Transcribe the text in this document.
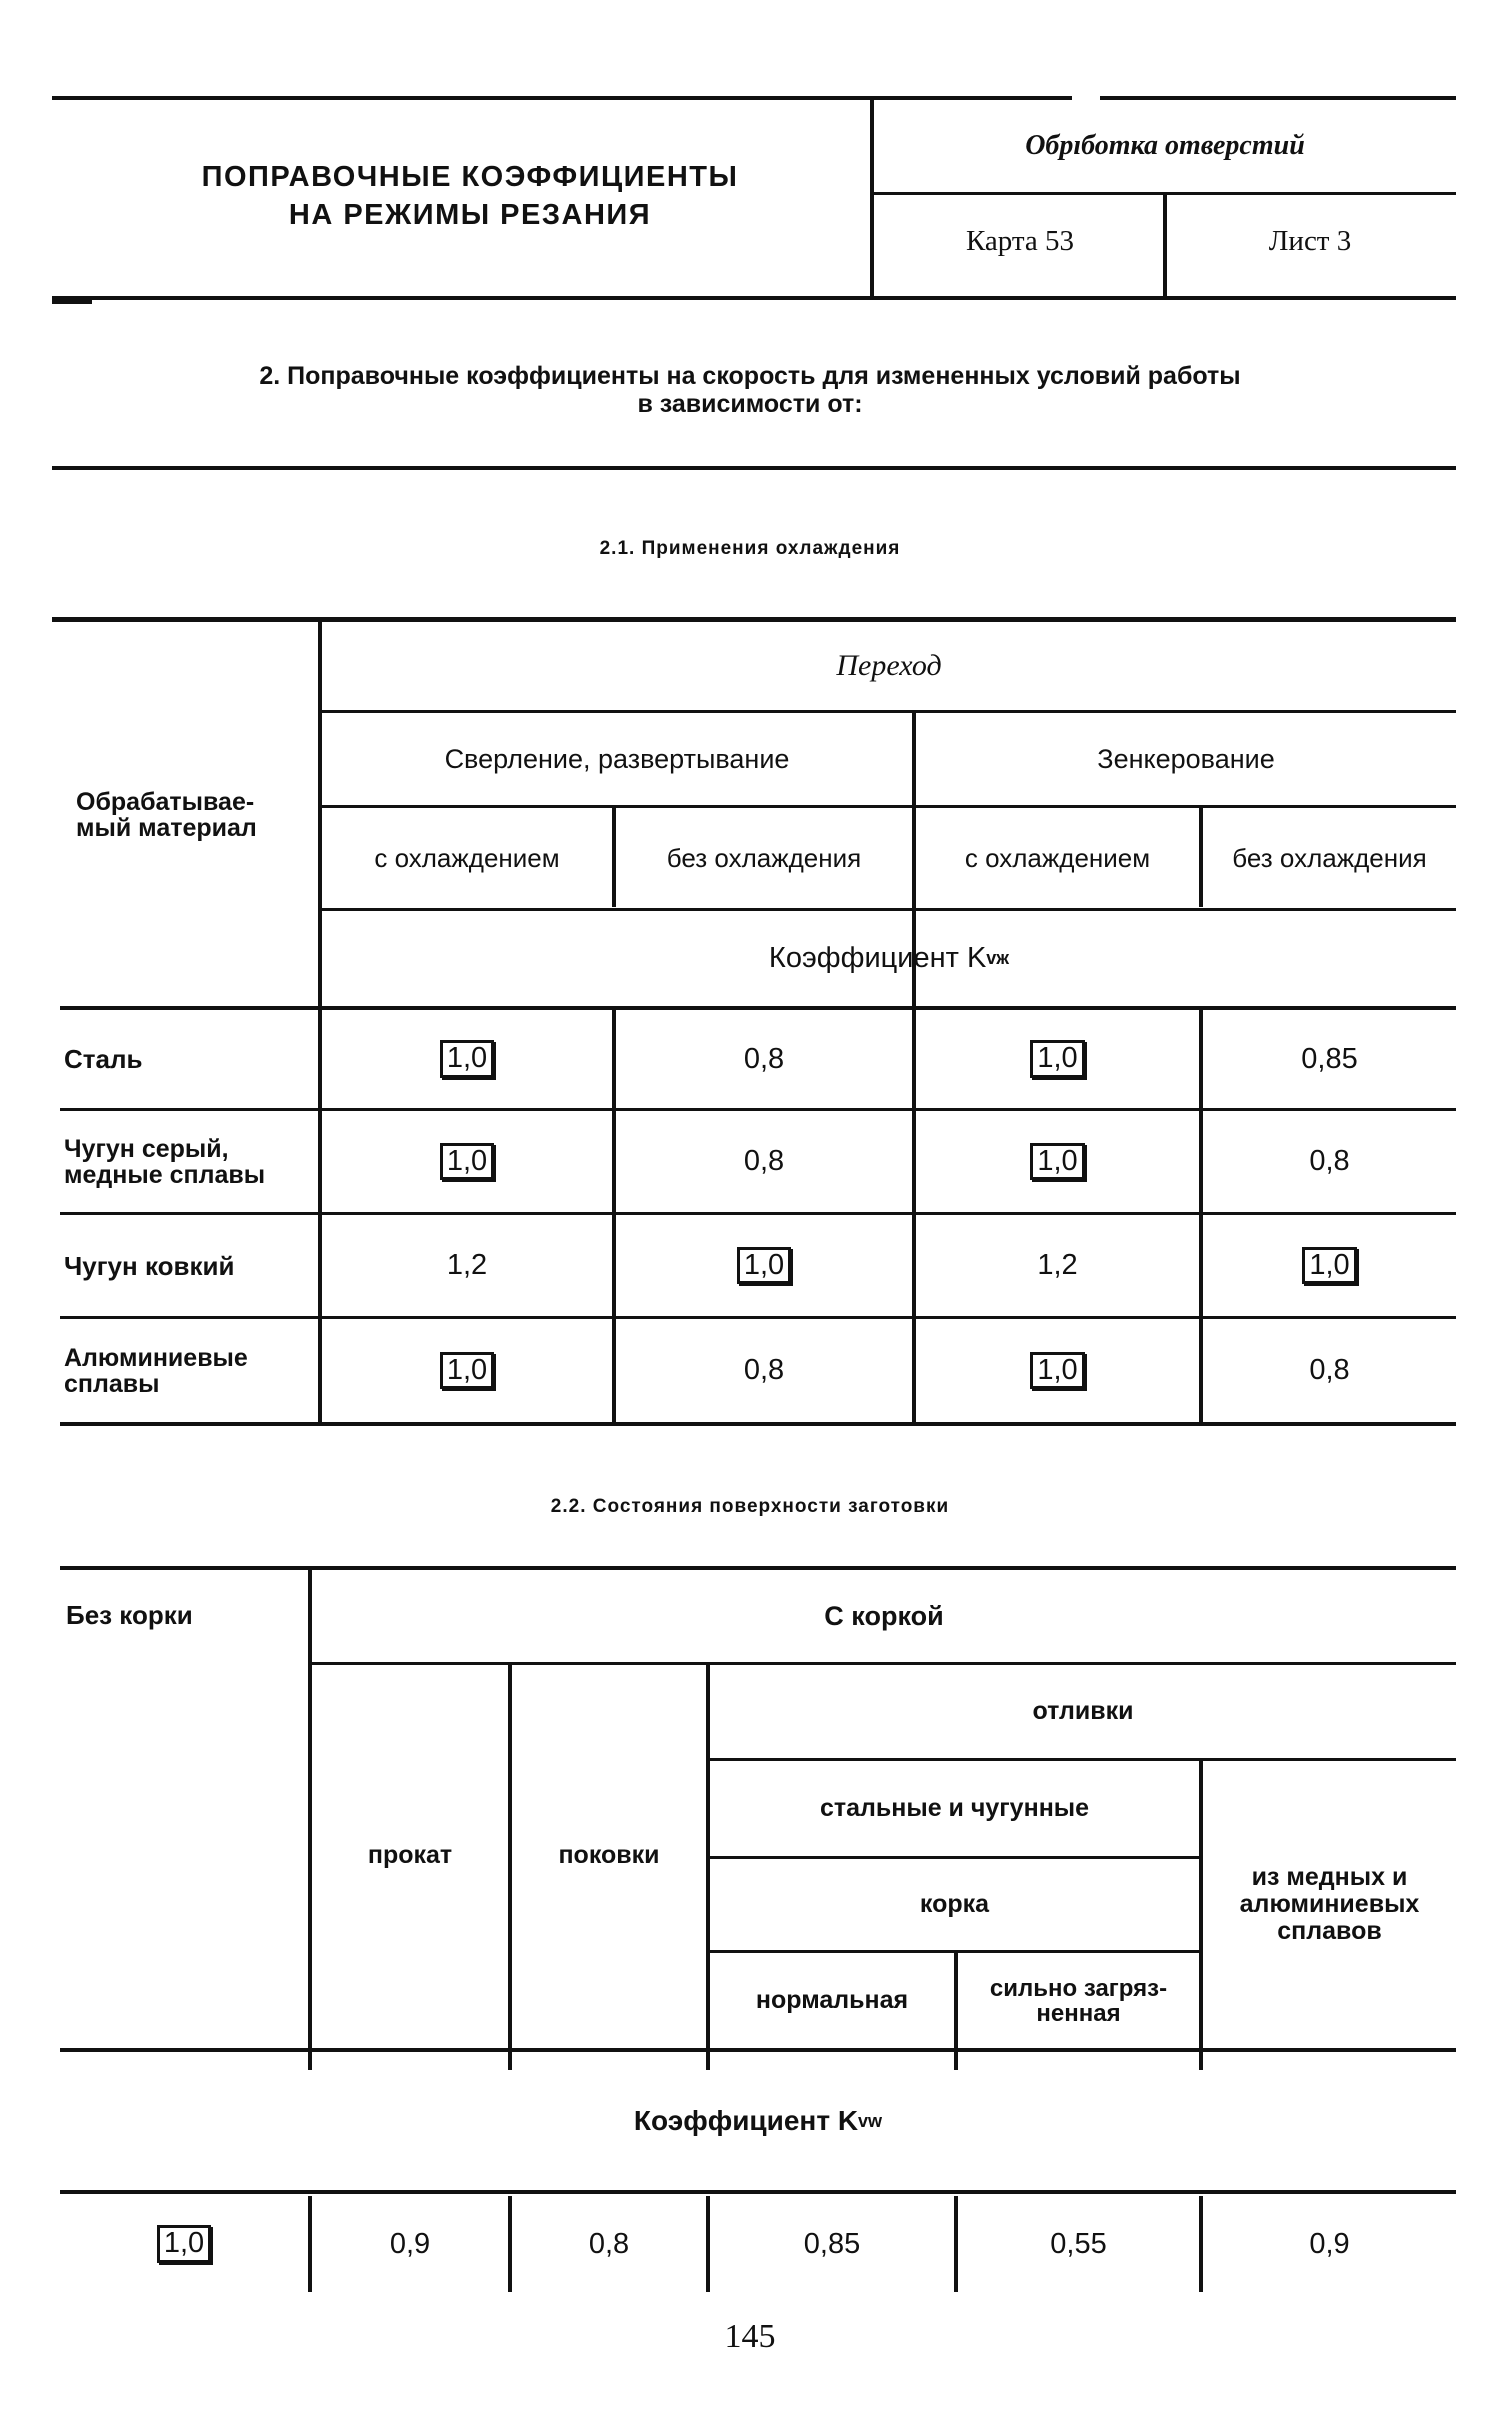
ПОПРАВОЧНЫЕ КОЭФФИЦИЕНТЫ
НА РЕЖИМЫ РЕЗАНИЯ
Обрıботка отверстий
Карта 53	Лист 3
2. Поправочные коэффициенты на скорость для измененных условий работы
в зависимости от:
2.1. Применения охлаждения
Обрабатывае-
мый материал
Переход
Сверление, развертывание	Зенкерование
с охлаждением	без охлаждения	с охлаждением	без охлаждения
Коэффициент K vж
Сталь	1,0	0,8	1,0	0,85
Чугун серый,
медные сплавы	1,0	0,8	1,0	0,8
Чугун ковкий	1,2	1,0	1,2	1,0
Алюминиевые
сплавы	1,0	0,8	1,0	0,8
2.2. Состояния поверхности заготовки
Без корки	С коркой
прокат	поковки
отливки
стальные и чугунные
корка
нормальная	сильно загряз-
ненная
из медных и
алюминиевых
сплавов
Коэффициент K vw
1,0	0,9	0,8	0,85	0,55	0,9
145
